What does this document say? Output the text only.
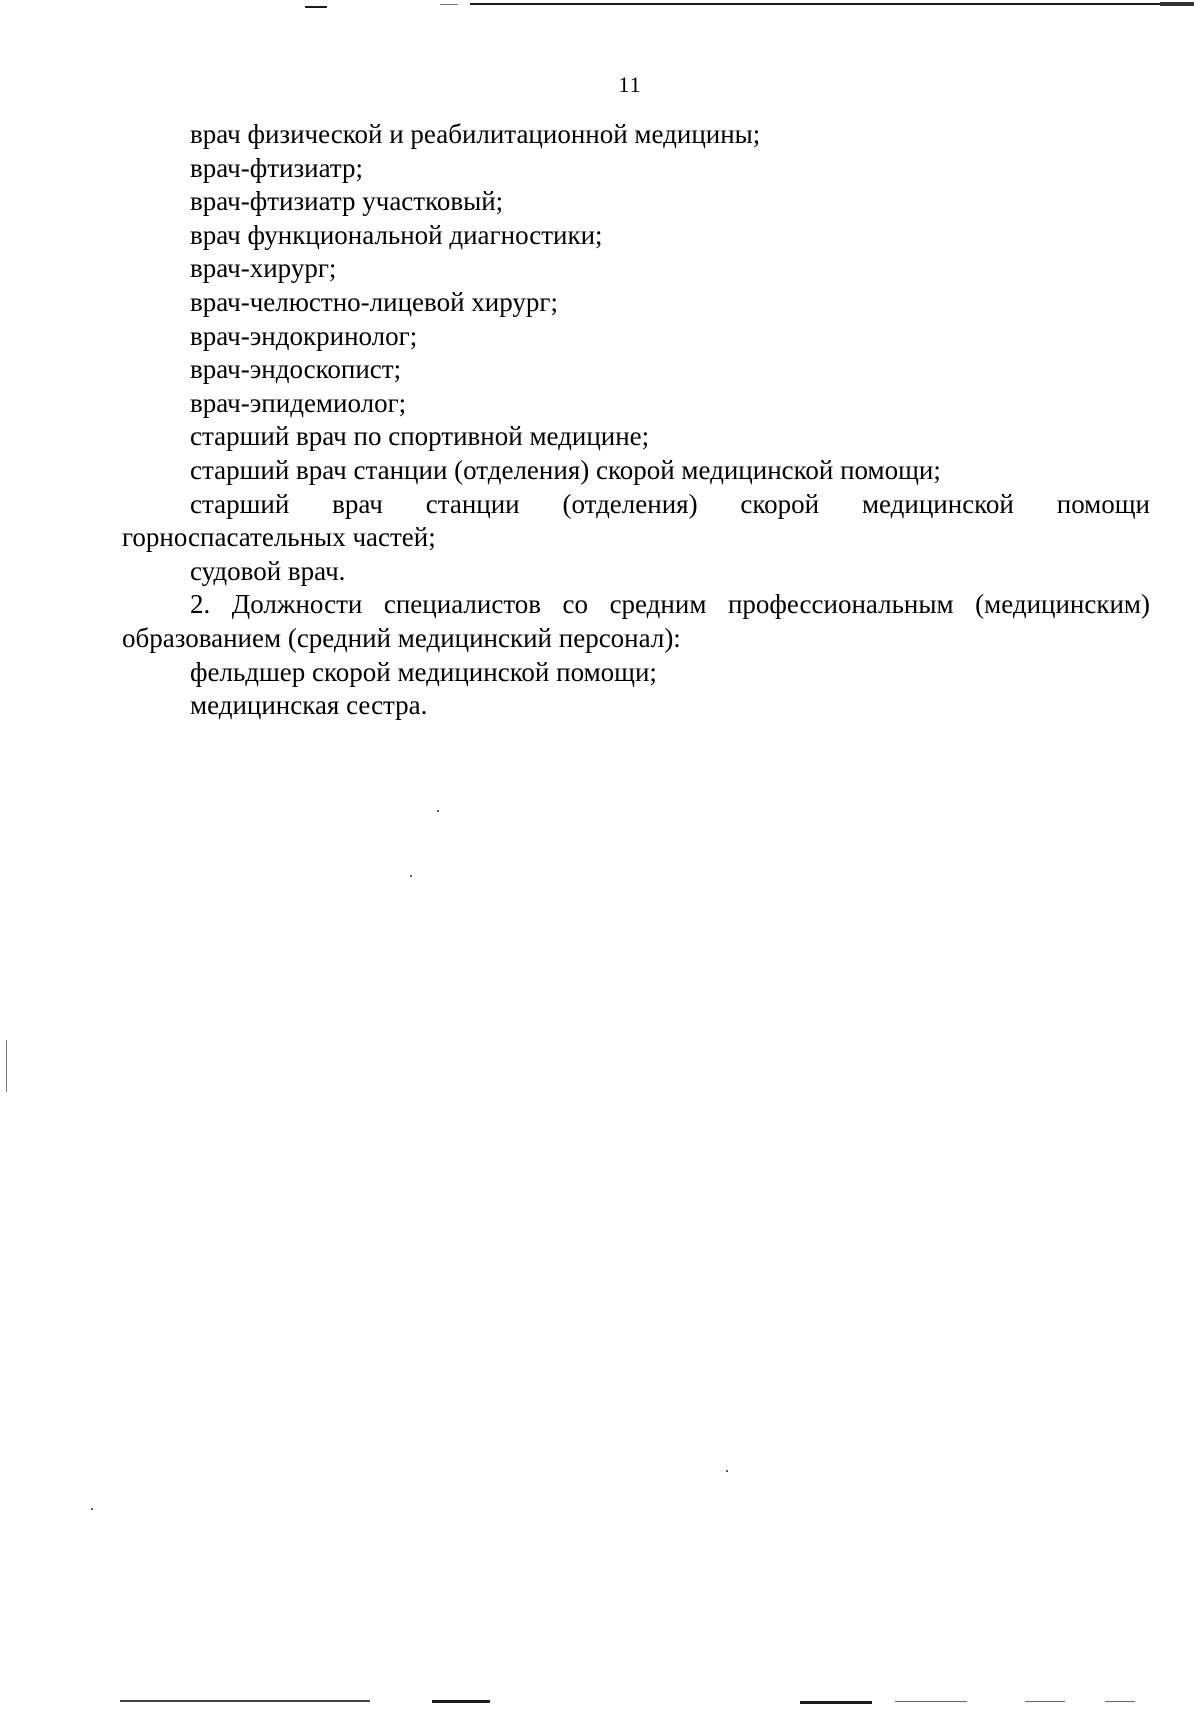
11
врач физической и реабилитационной медицины;
врач-фтизиатр;
врач-фтизиатр участковый;
врач функциональной диагностики;
врач-хирург;
врач-челюстно-лицевой хирург;
врач-эндокринолог;
врач-эндоскопист;
врач-эпидемиолог;
старший врач по спортивной медицине;
старший врач станции (отделения) скорой медицинской помощи;
старший врач станции (отделения) скорой медицинской помощи горноспасательных частей;
судовой врач.
2. Должности специалистов со средним профессиональным (медицинским) образованием (средний медицинский персонал):
фельдшер скорой медицинской помощи;
медицинская сестра.
